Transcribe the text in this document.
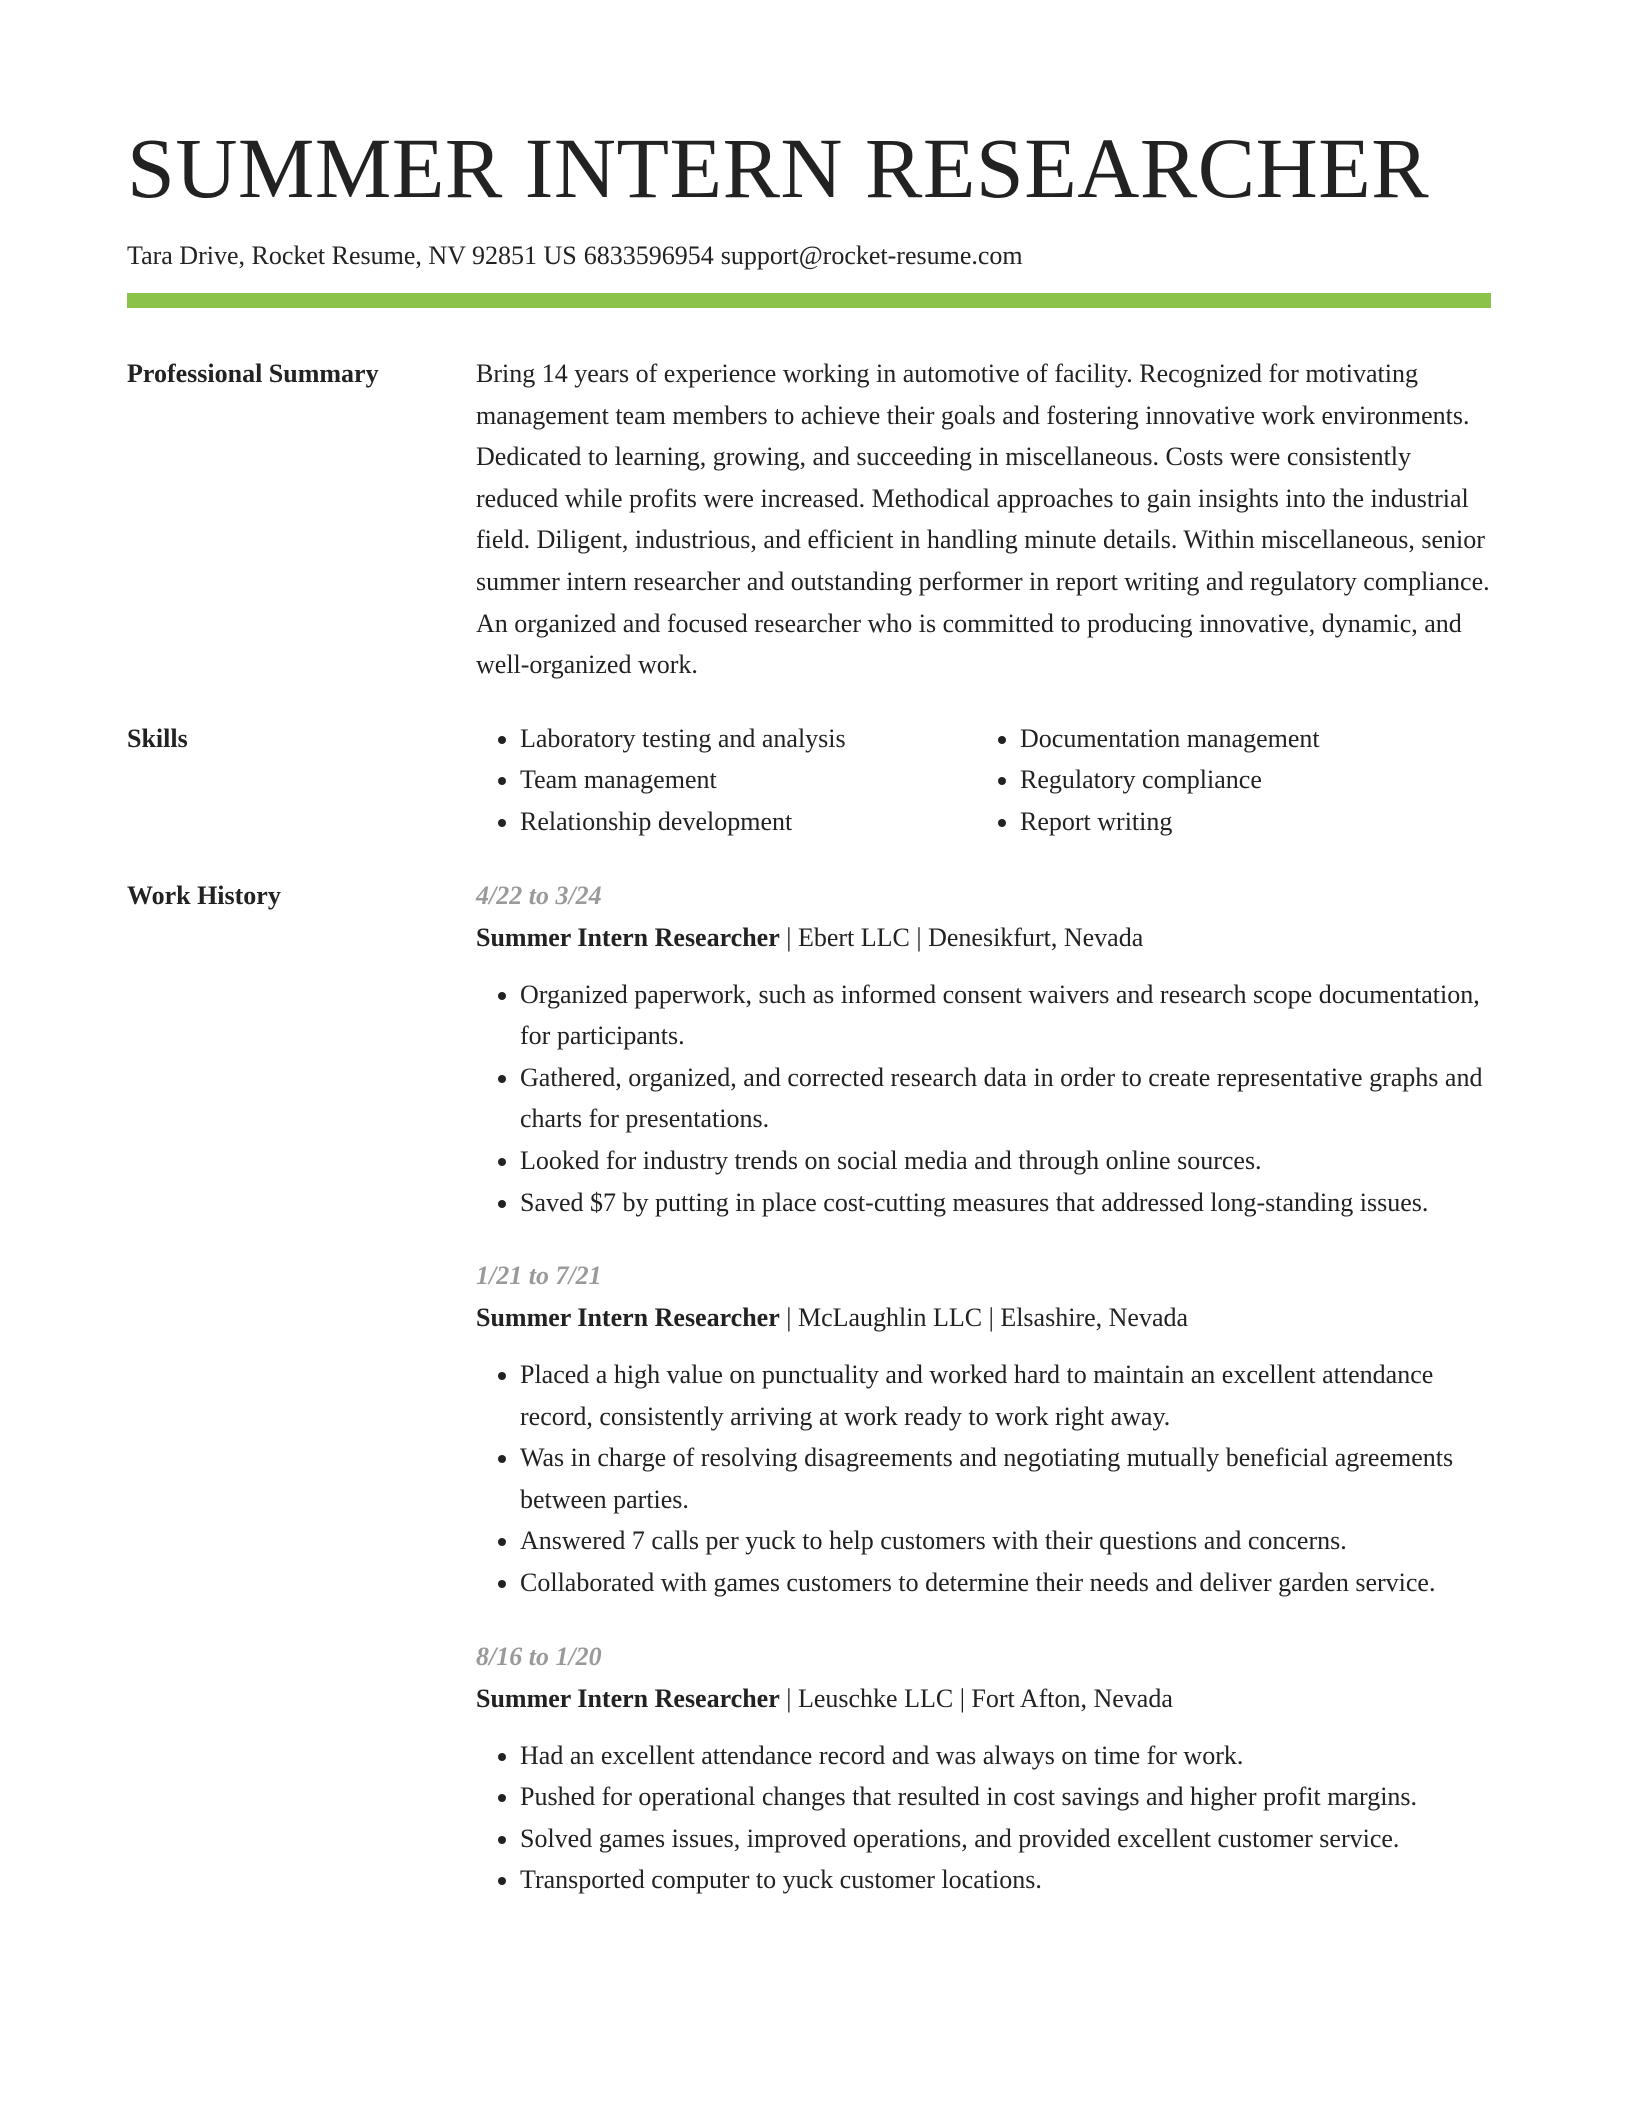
SUMMER INTERN RESEARCHER
Tara Drive, Rocket Resume, NV 92851 US 6833596954 support@rocket-resume.com
Professional Summary	Bring 14 years of experience working in automotive of facility. Recognized for motivating management team members to achieve their goals and fostering innovative work environments. Dedicated to learning, growing, and succeeding in miscellaneous. Costs were consistently reduced while profits were increased. Methodical approaches to gain insights into the industrial field. Diligent, industrious, and efficient in handling minute details. Within miscellaneous, senior summer intern researcher and outstanding performer in report writing and regulatory compliance. An organized and focused researcher who is committed to producing innovative, dynamic, and well-organized work.
Skills
•	Laboratory testing and analysis
• Team management
• Relationship development
• Documentation management
• Regulatory compliance
• Report writing
Work History	4/22 to 3/24
Summer Intern Researcher | Ebert LLC | Denesikfurt, Nevada
• Organized paperwork, such as informed consent waivers and research scope documentation, for participants.
• Gathered, organized, and corrected research data in order to create representative graphs and charts for presentations.
• Looked for industry trends on social media and through online sources.
• Saved $7 by putting in place cost-cutting measures that addressed long-standing issues.
1/21 to 7/21
Summer Intern Researcher | McLaughlin LLC | Elsashire, Nevada
• Placed a high value on punctuality and worked hard to maintain an excellent attendance record, consistently arriving at work ready to work right away.
• Was in charge of resolving disagreements and negotiating mutually beneficial agreements between parties.
• Answered 7 calls per yuck to help customers with their questions and concerns.
• Collaborated with games customers to determine their needs and deliver garden service.
8/16 to 1/20
Summer Intern Researcher | Leuschke LLC | Fort Afton, Nevada
• Had an excellent attendance record and was always on time for work.
• Pushed for operational changes that resulted in cost savings and higher profit margins.
• Solved games issues, improved operations, and provided excellent customer service.
• Transported computer to yuck customer locations.
